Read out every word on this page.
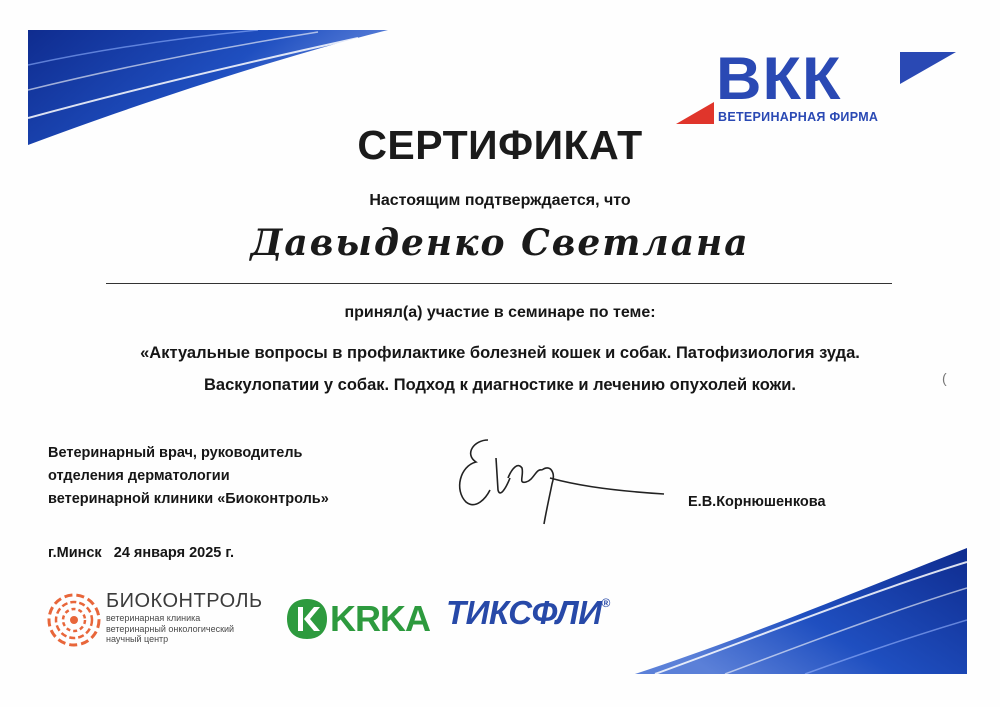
ВКК
ВЕТЕРИНАРНАЯ ФИРМА
СЕРТИФИКАТ
Настоящим подтверждается, что
Давыденко Светлана
принял(а) участие в семинаре по теме:
«Актуальные вопросы в профилактике болезней кошек и собак. Патофизиология зуда.
Васкулопатии у собак. Подход к диагностике и лечению опухолей кожи.	(
Ветеринарный врач, руководитель
отделения дерматологии
ветеринарной клиники «Биоконтроль»	Е.В.Корнюшенкова
г.Минск   24 января 2025 г.
БИОКОНТРОЛЬ
ветеринарная клиника
ветеринарный онкологический
научный центр	KRKA ТИКСФЛИ®
